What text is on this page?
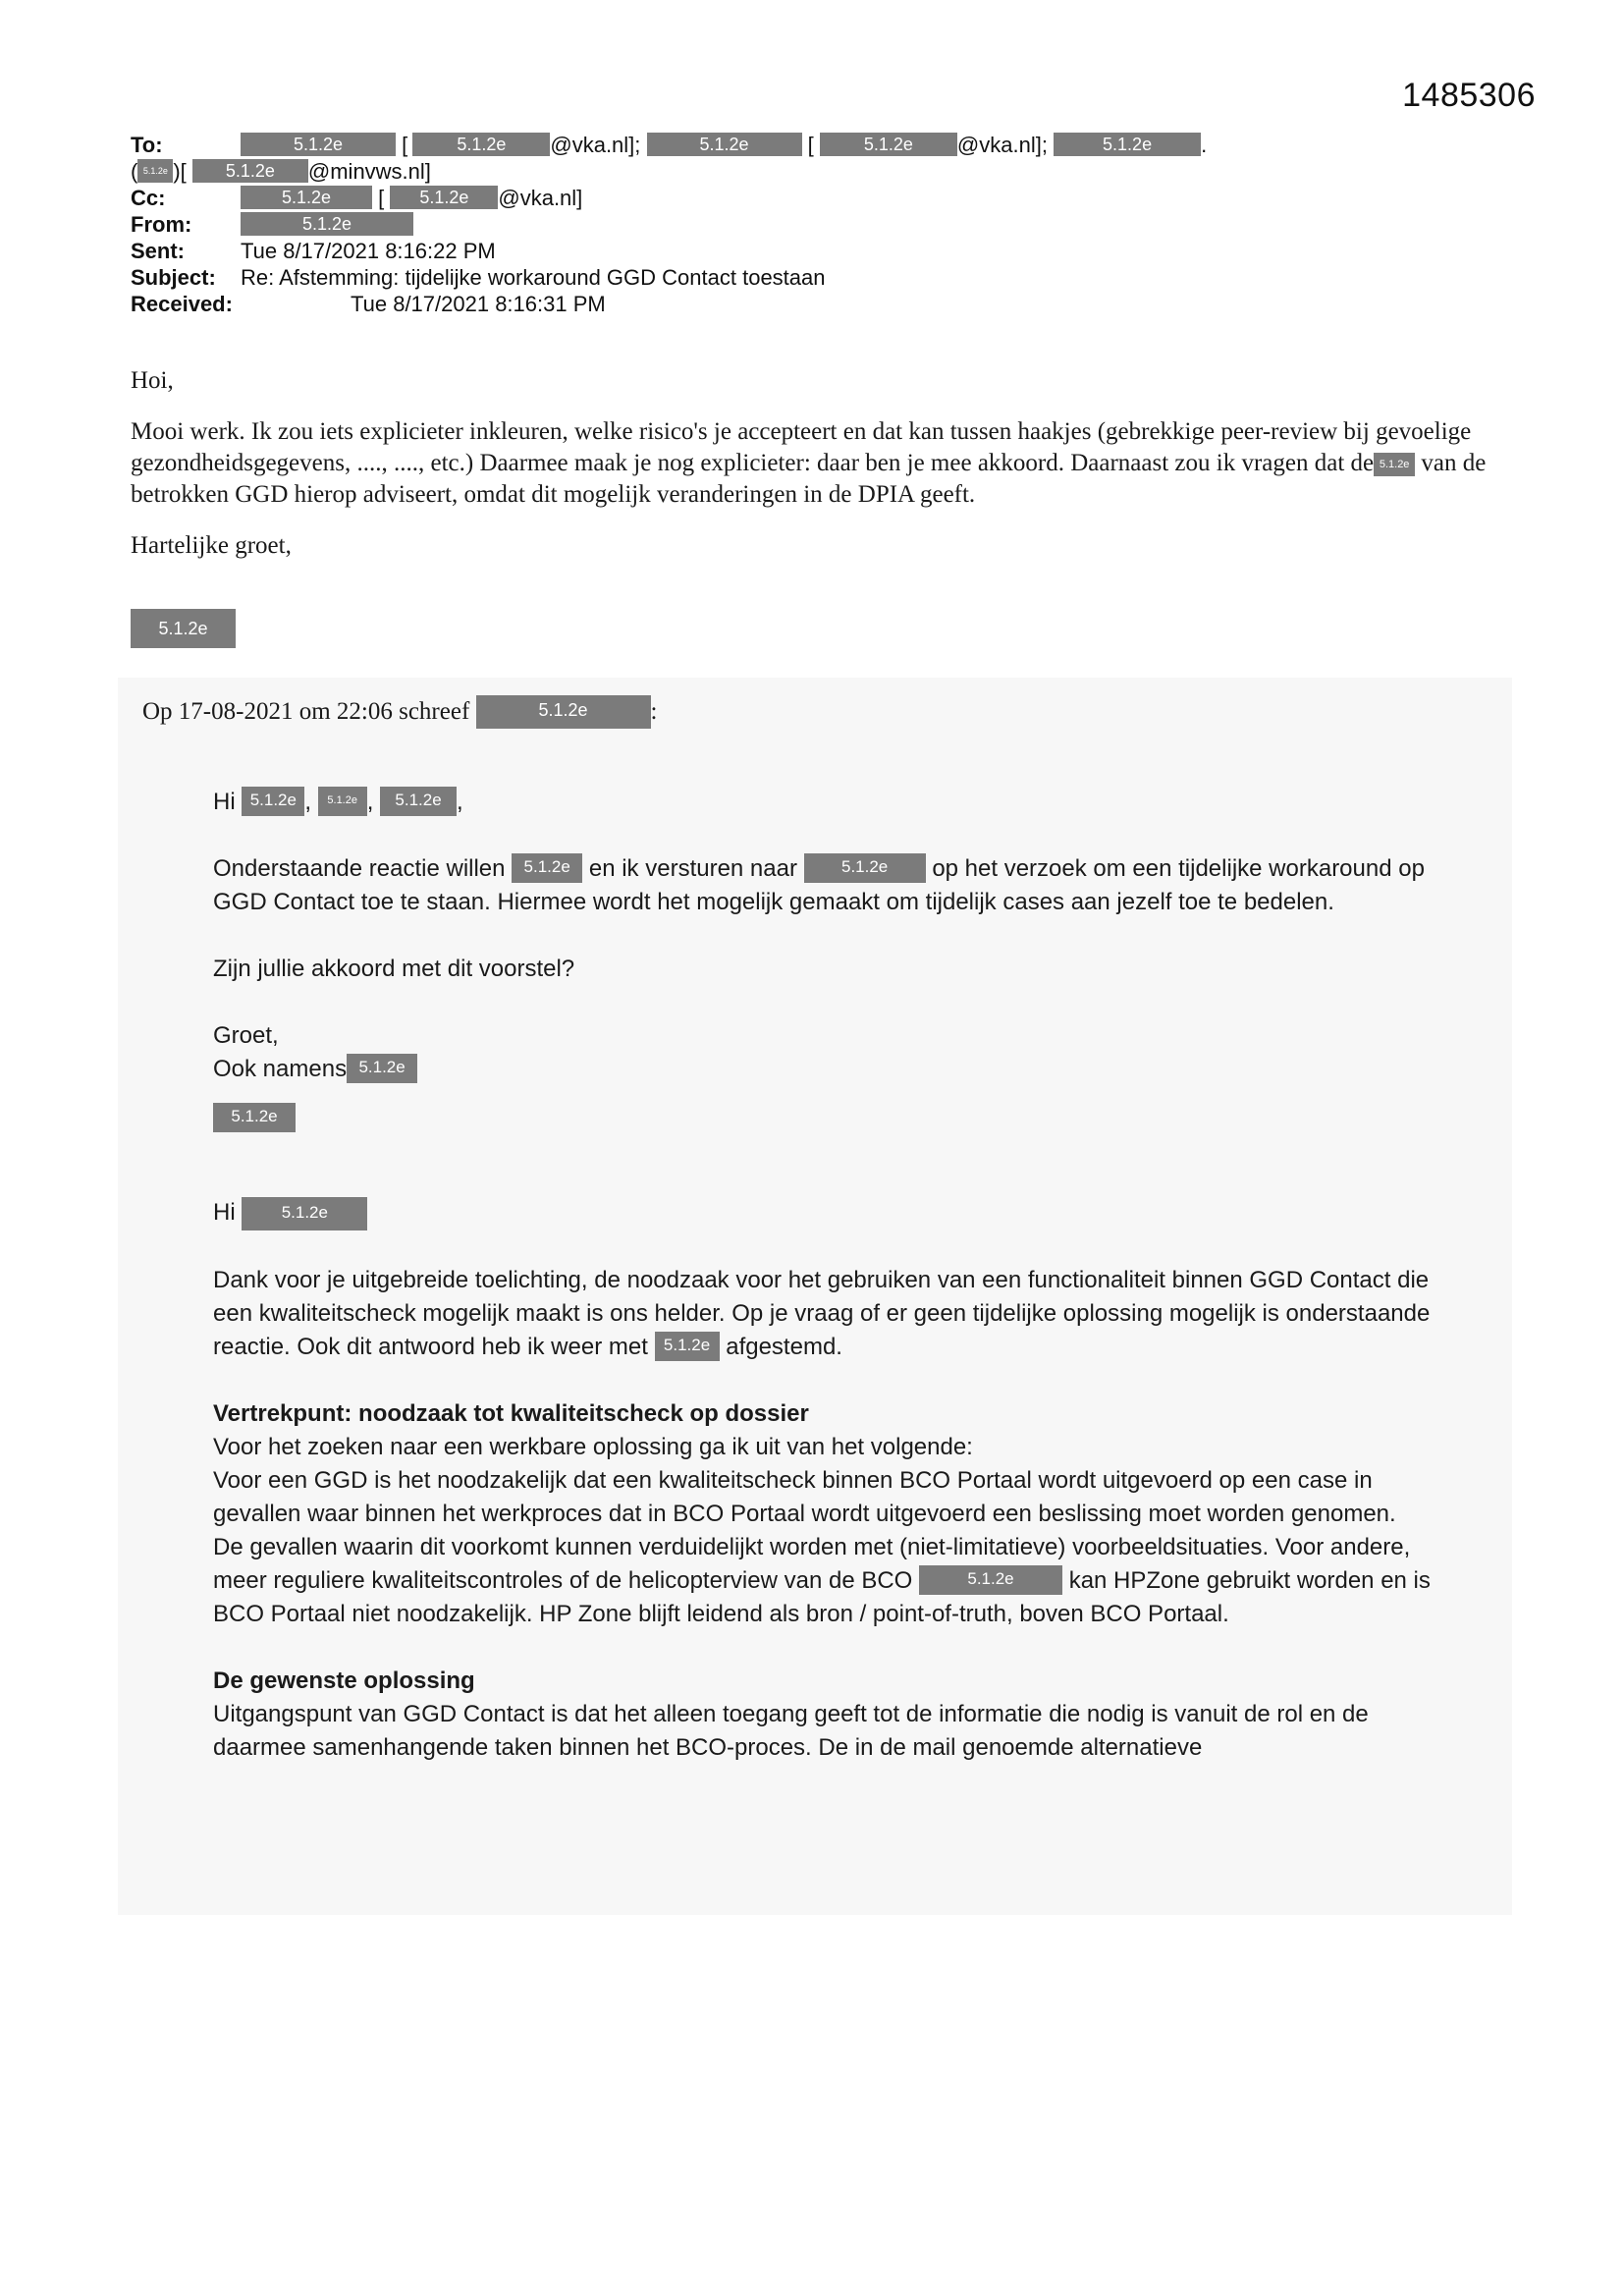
1485306
To:	5.1.2e	[	5.1.2e @vka.nl];	5.1.2e	[	5.1.2e @vka.nl];	5.1.2e .
( 5.1.2e )[ 5.1.2e @minvws.nl]
Cc:	5.1.2e [ 5.1.2e @vka.nl]
From:	5.1.2e
Sent:	Tue 8/17/2021 8:16:22 PM
Subject: Re: Afstemming: tijdelijke workaround GGD Contact toestaan
Received:	Tue 8/17/2021 8:16:31 PM

Hoi,

Mooi werk. Ik zou iets explicieter inkleuren, welke risico's je accepteert en dat kan tussen haakjes (gebrekkige peer-review bij gevoelige gezondheidsgegevens, ...., ...., etc.) Daarmee maak je nog explicieter: daar ben je mee akkoord. Daarnaast zou ik vragen dat de 5.1.2e van de betrokken GGD hierop adviseert, omdat dit mogelijk veranderingen in de DPIA geeft.

Hartelijke groet,

5.1.2e
Op 17-08-2021 om 22:06 schreef	5.1.2e	:

Hi 5.1.2e , 5.1.2e , 5.1.2e ,

Onderstaande reactie willen 5.1.2e en ik versturen naar	5.1.2e op het verzoek om een tijdelijke workaround op GGD Contact toe te staan. Hiermee wordt het mogelijk gemaakt om tijdelijk cases aan jezelf toe te bedelen.

Zijn jullie akkoord met dit voorstel?

Groet,

Ook namens 5.1.2e

5.1.2e

Hi	5.1.2e

Dank voor je uitgebreide toelichting, de noodzaak voor het gebruiken van een functionaliteit binnen GGD Contact die een kwaliteitscheck mogelijk maakt is ons helder. Op je vraag of er geen tijdelijke oplossing mogelijk is onderstaande reactie. Ook dit antwoord heb ik weer met 5.1.2e afgestemd.

Vertrekpunt: noodzaak tot kwaliteitscheck op dossier

Voor het zoeken naar een werkbare oplossing ga ik uit van het volgende:

Voor een GGD is het noodzakelijk dat een kwaliteitscheck binnen BCO Portaal wordt uitgevoerd op een case in gevallen waar binnen het werkproces dat in BCO Portaal wordt uitgevoerd een beslissing moet worden genomen. De gevallen waarin dit voorkomt kunnen verduidelijkt worden met (niet-limitatieve) voorbeeldsituaties. Voor andere, meer reguliere kwaliteitscontroles of de helicopterview van de BCO	5.1.2e kan HPZone gebruikt worden en is BCO Portaal niet noodzakelijk. HP Zone blijft leidend als bron / point-of-truth, boven BCO Portaal.

De gewenste oplossing

Uitgangspunt van GGD Contact is dat het alleen toegang geeft tot de informatie die nodig is vanuit de rol en de daarmee samenhangende taken binnen het BCO-proces. De in de mail genoemde alternatieve
